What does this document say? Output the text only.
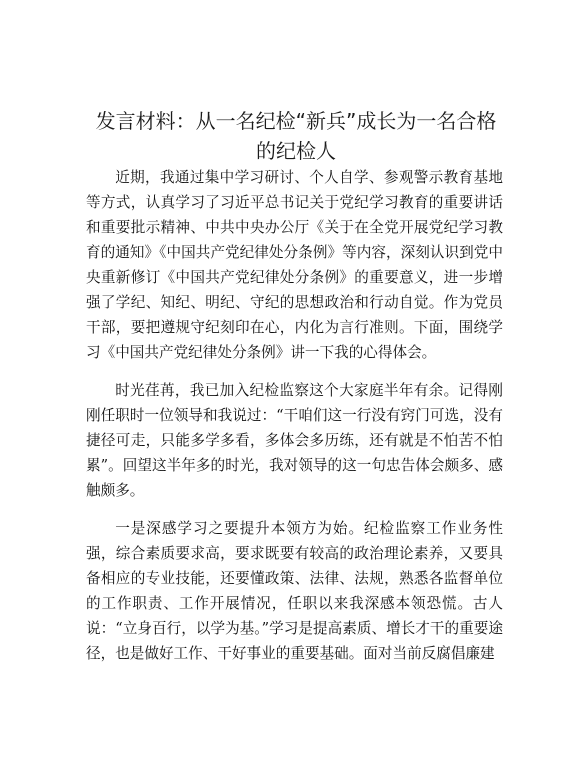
发言材料：从一名纪检“新兵”成长为一名合格的纪检人

近期，我通过集中学习研讨、个人自学、参观警示教育基地等方式，认真学习了习近平总书记关于党纪学习教育的重要讲话和重要批示精神、中共中央办公厅《关于在全党开展党纪学习教育的通知》《中国共产党纪律处分条例》等内容，深刻认识到党中央重新修订《中国共产党纪律处分条例》的重要意义，进一步增强了学纪、知纪、明纪、守纪的思想政治和行动自觉。作为党员干部，要把遵规守纪刻印在心，内化为言行准则。下面，围绕学习《中国共产党纪律处分条例》讲一下我的心得体会。

时光荏苒，我已加入纪检监察这个大家庭半年有余。记得刚刚任职时一位领导和我说过：“干咱们这一行没有窍门可选，没有捷径可走，只能多学多看，多体会多历练，还有就是不怕苦不怕累”。回望这半年多的时光，我对领导的这一句忠告体会颇多、感触颇多。

一是深感学习之要提升本领方为始。纪检监察工作业务性强，综合素质要求高，要求既要有较高的政治理论素养，又要具备相应的专业技能，还要懂政策、法律、法规，熟悉各监督单位的工作职责、工作开展情况，任职以来我深感本领恐慌。古人说：“立身百行，以学为基。”学习是提高素质、增长才干的重要途径，也是做好工作、干好事业的重要基础。面对当前反腐倡廉建
